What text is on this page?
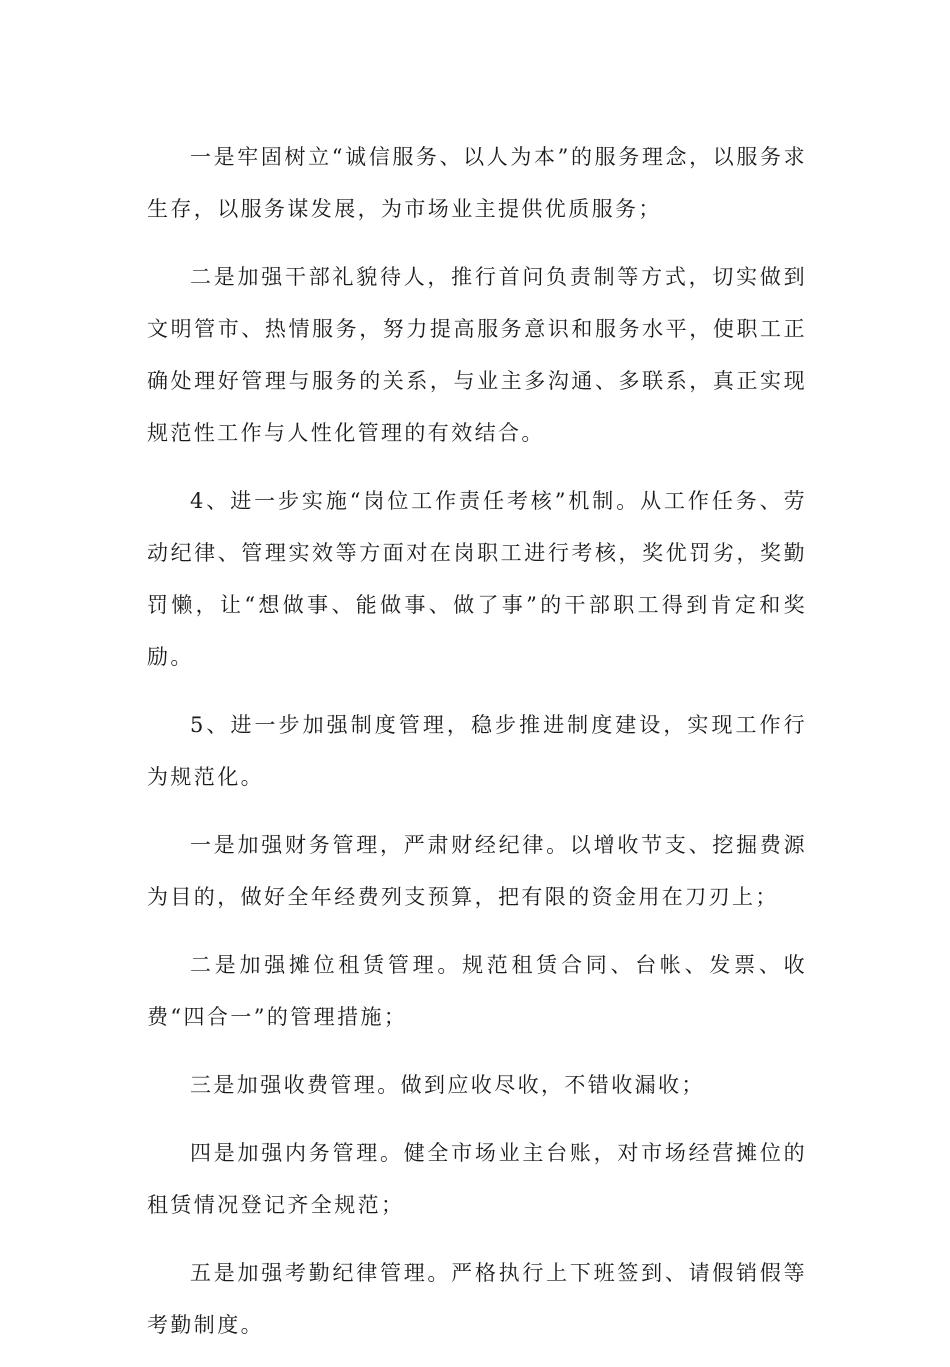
一是牢固树立“诚信服务、以人为本”的服务理念，以服务求生存，以服务谋发展，为市场业主提供优质服务；

二是加强干部礼貌待人，推行首问负责制等方式，切实做到文明管市、热情服务，努力提高服务意识和服务水平，使职工正确处理好管理与服务的关系，与业主多沟通、多联系，真正实现规范性工作与人性化管理的有效结合。

4、进一步实施“岗位工作责任考核”机制。从工作任务、劳动纪律、管理实效等方面对在岗职工进行考核，奖优罚劣，奖勤罚懒，让“想做事、能做事、做了事”的干部职工得到肯定和奖励。

5、进一步加强制度管理，稳步推进制度建设，实现工作行为规范化。

一是加强财务管理，严肃财经纪律。以增收节支、挖掘费源为目的，做好全年经费列支预算，把有限的资金用在刀刃上；

二是加强摊位租赁管理。规范租赁合同、台帐、发票、收费“四合一”的管理措施；

三是加强收费管理。做到应收尽收，不错收漏收；

四是加强内务管理。健全市场业主台账，对市场经营摊位的租赁情况登记齐全规范；

五是加强考勤纪律管理。严格执行上下班签到、请假销假等考勤制度。
